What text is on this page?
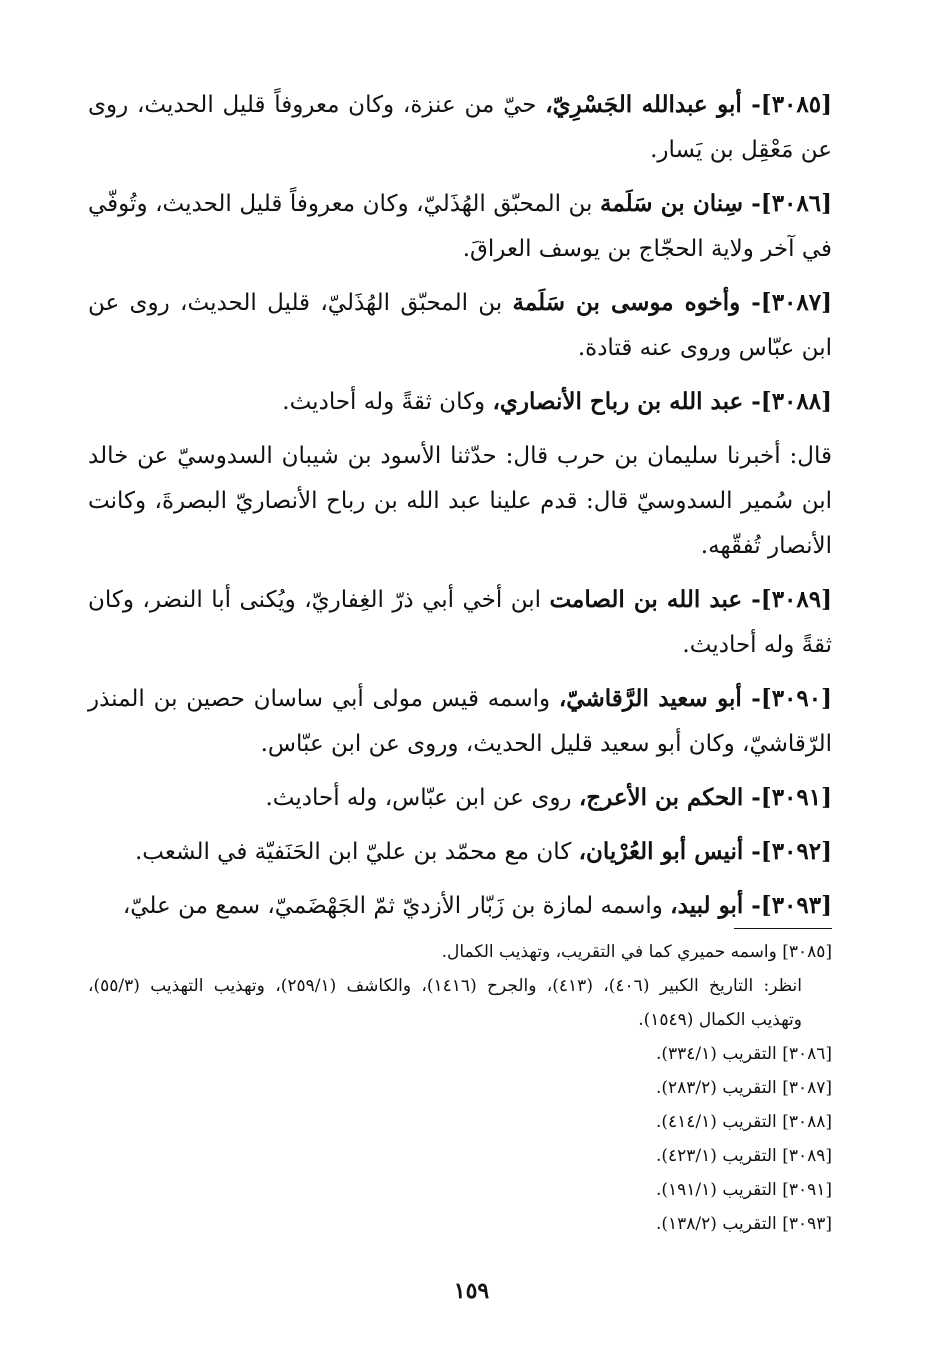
[٣٠٨٥]- أبو عبدالله الجَسْرِيّ، حيّ من عنزة، وكان معروفاً قليل الحديث، روى عن مَعْقِل بن يَسار.

[٣٠٨٦]- سِنان بن سَلَمة بن المحبّق الهُذَليّ، وكان معروفاً قليل الحديث، وتُوفّي في آخر ولاية الحجّاج بن يوسف العراقَ.

[٣٠٨٧]- وأخوه موسى بن سَلَمة بن المحبّق الهُذَليّ، قليل الحديث، روى عن ابن عبّاس وروى عنه قتادة.

[٣٠٨٨]- عبد الله بن رباح الأنصاري، وكان ثقةً وله أحاديث.

قال: أخبرنا سليمان بن حرب قال: حدّثنا الأسود بن شيبان السدوسيّ عن خالد ابن سُمير السدوسيّ قال: قدم علينا عبد الله بن رباح الأنصاريّ البصرةَ، وكانت الأنصار تُفقّهه.

[٣٠٨٩]- عبد الله بن الصامت ابن أخي أبي ذرّ الغِفاريّ، ويُكنى أبا النضر، وكان ثقةً وله أحاديث.

[٣٠٩٠]- أبو سعيد الرَّقاشيّ، واسمه قيس مولى أبي ساسان حصين بن المنذر الرّقاشيّ، وكان أبو سعيد قليل الحديث، وروى عن ابن عبّاس.

[٣٠٩١]- الحكم بن الأعرج، روى عن ابن عبّاس، وله أحاديث.

[٣٠٩٢]- أنيس أبو العُرْيان، كان مع محمّد بن عليّ ابن الحَنَفيّة في الشعب.

[٣٠٩٣]- أبو لبيد، واسمه لمازة بن زَبّار الأزديّ ثمّ الجَهْضَميّ، سمع من عليّ،

[٣٠٨٥] واسمه حميري كما في التقريب، وتهذيب الكمال.

انظر: التاريخ الكبير (٤٠٦)، (٤١٣)، والجرح (١٤١٦)، والكاشف (٢٥٩/١)، وتهذيب التهذيب (٥٥/٣)، وتهذيب الكمال (١٥٤٩).

[٣٠٨٦] التقريب (٣٣٤/١).

[٣٠٨٧] التقريب (٢٨٣/٢).

[٣٠٨٨] التقريب (٤١٤/١).

[٣٠٨٩] التقريب (٤٢٣/١).

[٣٠٩١] التقريب (١٩١/١).

[٣٠٩٣] التقريب (١٣٨/٢).

١٥٩
